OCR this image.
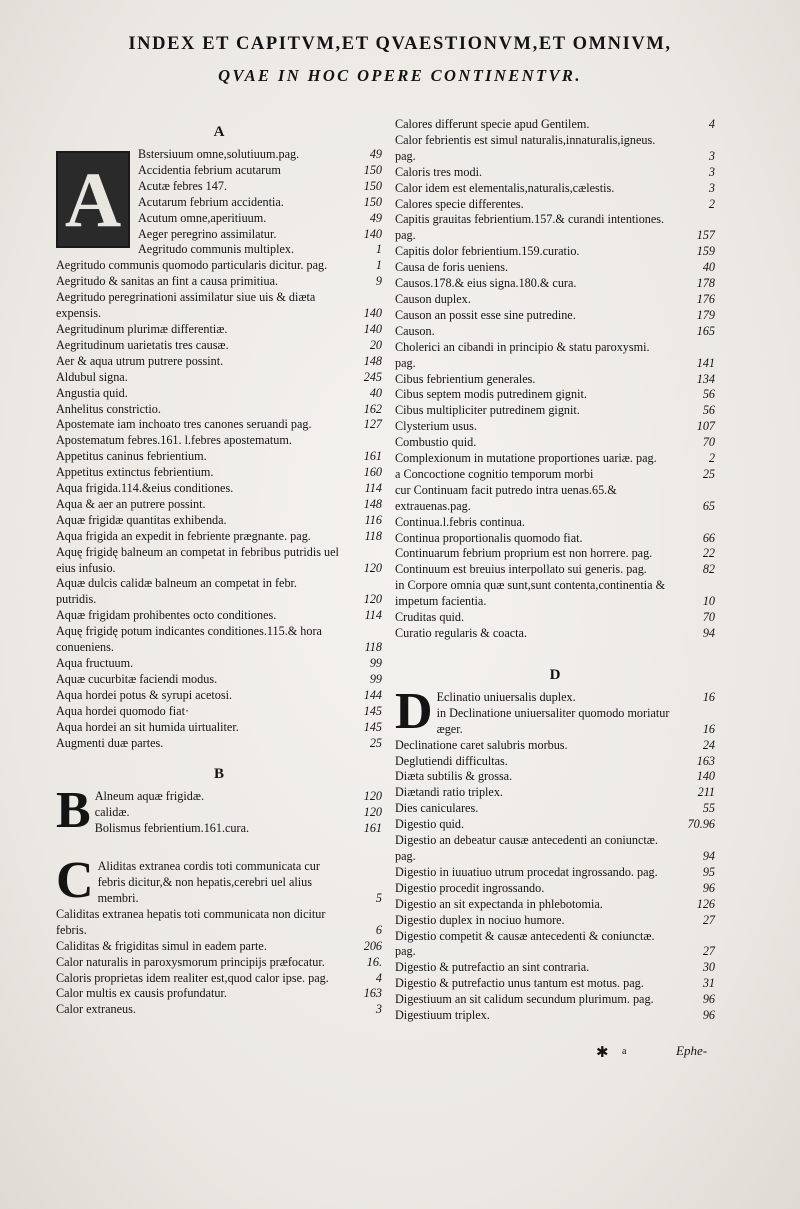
INDEX ET CAPITVM,ET QVAESTIONVM,ET OMNIVM,
QVAE IN HOC OPERE CONTINENTVR.
A
A
Bstersiuum omne,solutiuum.pag.	49
Accidentia febrium acutarum	150
Acutæ febres 147.	150
Acutarum febrium accidentia.	150
Acutum omne,aperitiuum.	49
Aeger peregrino assimilatur.	140
Aegritudo communis multiplex.	1
Aegritudo communis quomodo particularis dicitur. pag.	1
Aegritudo & sanitas an fint a causa primitiua.	9
Aegritudo peregrinationi assimilatur siue uis & diæta expensis.	140
Aegritudinum plurimæ differentiæ.	140
Aegritudinum uarietatis tres causæ.	20
Aer & aqua utrum putrere possint.	148
Aldubul signa.	245
Angustia quid.	40
Anhelitus constrictio.	162
Apostemate iam inchoato tres canones seruandi pag.	127
Apostematum febres.161. l.febres apostematum.
Appetitus caninus febrientium.	161
Appetitus extinctus febrientium.	160
Aqua frigida.114.&eius conditiones.	114
Aqua & aer an putrere possint.	148
Aquæ frigidæ quantitas exhibenda.	116
Aqua frigida an expedit in febriente prægnante. pag.	118
Aquę frigidę balneum an competat in febribus putridis uel eius infusio.	120
Aquæ dulcis calidæ balneum an competat in febr. putridis.	120
Aquæ frigidam prohibentes octo conditiones.	114
Aquę frigidę potum indicantes conditiones.115.& hora conueniens.	118
Aqua fructuum.	99
Aquæ cucurbitæ faciendi modus.	99
Aqua hordei potus & syrupi acetosi.	144
Aqua hordei quomodo fiat·	145
Aqua hordei an sit humida uirtualiter.	145
Augmenti duæ partes.	25
B
B Alneum aquæ frigidæ.	120
calidæ.	120
Bolismus febrientium.161.cura.	161
C Aliditas extranea cordis toti communicata cur febris dicitur,& non hepatis,cerebri uel alius membri.	5
Caliditas extranea hepatis toti communicata non dicitur febris.	6
Caliditas & frigiditas simul in eadem parte.	206
Calor naturalis in paroxysmorum principijs præfocatur.	16.
Caloris proprietas idem realiter est,quod calor ipse. pag.	4
Calor multis ex causis profundatur.	163
Calor extraneus.	3
Calores differunt specie apud Gentilem.	4
Calor febrientis est simul naturalis,innaturalis,igneus. pag.	3
Caloris tres modi.	3
Calor idem est elementalis,naturalis,cælestis.	3
Calores specie differentes.	2
Capitis grauitas febrientium.157.& curandi intentiones. pag.	157
Capitis dolor febrientium.159.curatio.	159
Causa de foris ueniens.	40
Causos.178.& eius signa.180.& cura.	178
Causon duplex.	176
Causon an possit esse sine putredine.	179
Causon.	165
Cholerici an cibandi in principio & statu paroxysmi. pag.	141
Cibus febrientium generales.	134
Cibus septem modis putredinem gignit.	56
Cibus multipliciter putredinem gignit.	56
Clysterium usus.	107
Combustio quid.	70
Complexionum in mutatione proportiones uariæ. pag.	2
a Concoctione cognitio temporum morbi	25
cur Continuam facit putredo intra uenas.65.& extrauenas.pag.	65
Continua.l.febris continua.
Continua proportionalis quomodo fiat.	66
Continuarum febrium proprium est non horrere. pag.	22
Continuum est breuius interpollato sui generis. pag.	82
in Corpore omnia quæ sunt,sunt contenta,continentia & impetum facientia.	10
Cruditas quid.	70
Curatio regularis & coacta.	94
D
D Eclinatio uniuersalis duplex.	16
in Declinatione uniuersaliter quomodo moriatur æger.	16
Declinatione caret salubris morbus.	24
Deglutiendi difficultas.	163
Diæta subtilis & grossa.	140
Diætandi ratio triplex.	211
Dies caniculares.	55
Digestio quid.	70.96
Digestio an debeatur causæ antecedenti an coniunctæ. pag.	94
Digestio in iuuatiuo utrum procedat ingrossando. pag.	95
Digestio procedit ingrossando.	96
Digestio an sit expectanda in phlebotomia.	126
Digestio duplex in nociuo humore.	27
Digestio competit & causæ antecedenti & coniunctæ. pag.	27
Digestio & putrefactio an sint contraria.	30
Digestio & putrefactio unus tantum est motus. pag.	31
Digestiuum an sit calidum secundum plurimum. pag.	96
Digestiuum triplex.	96
✱ a	Ephe-
